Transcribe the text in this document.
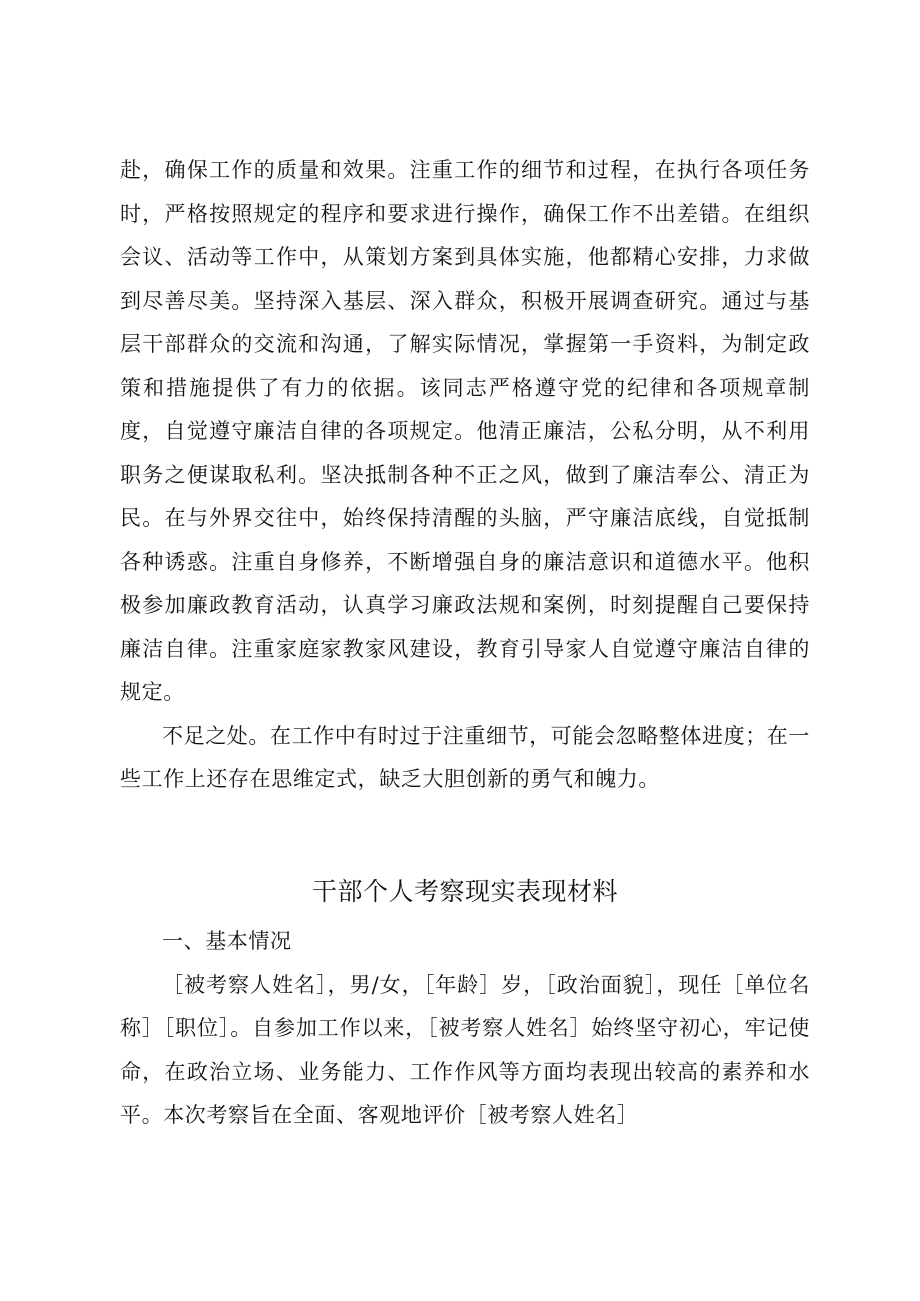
赴，确保工作的质量和效果。注重工作的细节和过程，在执行各项任务时，严格按照规定的程序和要求进行操作，确保工作不出差错。在组织会议、活动等工作中，从策划方案到具体实施，他都精心安排，力求做到尽善尽美。坚持深入基层、深入群众，积极开展调查研究。通过与基层干部群众的交流和沟通，了解实际情况，掌握第一手资料，为制定政策和措施提供了有力的依据。该同志严格遵守党的纪律和各项规章制度，自觉遵守廉洁自律的各项规定。他清正廉洁，公私分明，从不利用职务之便谋取私利。坚决抵制各种不正之风，做到了廉洁奉公、清正为民。在与外界交往中，始终保持清醒的头脑，严守廉洁底线，自觉抵制各种诱惑。注重自身修养，不断增强自身的廉洁意识和道德水平。他积极参加廉政教育活动，认真学习廉政法规和案例，时刻提醒自己要保持廉洁自律。注重家庭家教家风建设，教育引导家人自觉遵守廉洁自律的规定。

不足之处。在工作中有时过于注重细节，可能会忽略整体进度；在一些工作上还存在思维定式，缺乏大胆创新的勇气和魄力。

干部个人考察现实表现材料

一、基本情况

［被考察人姓名］，男/女，［年龄］岁，［政治面貌］，现任［单位名称］［职位］。自参加工作以来，［被考察人姓名］始终坚守初心，牢记使命，在政治立场、业务能力、工作作风等方面均表现出较高的素养和水平。本次考察旨在全面、客观地评价［被考察人姓名］
